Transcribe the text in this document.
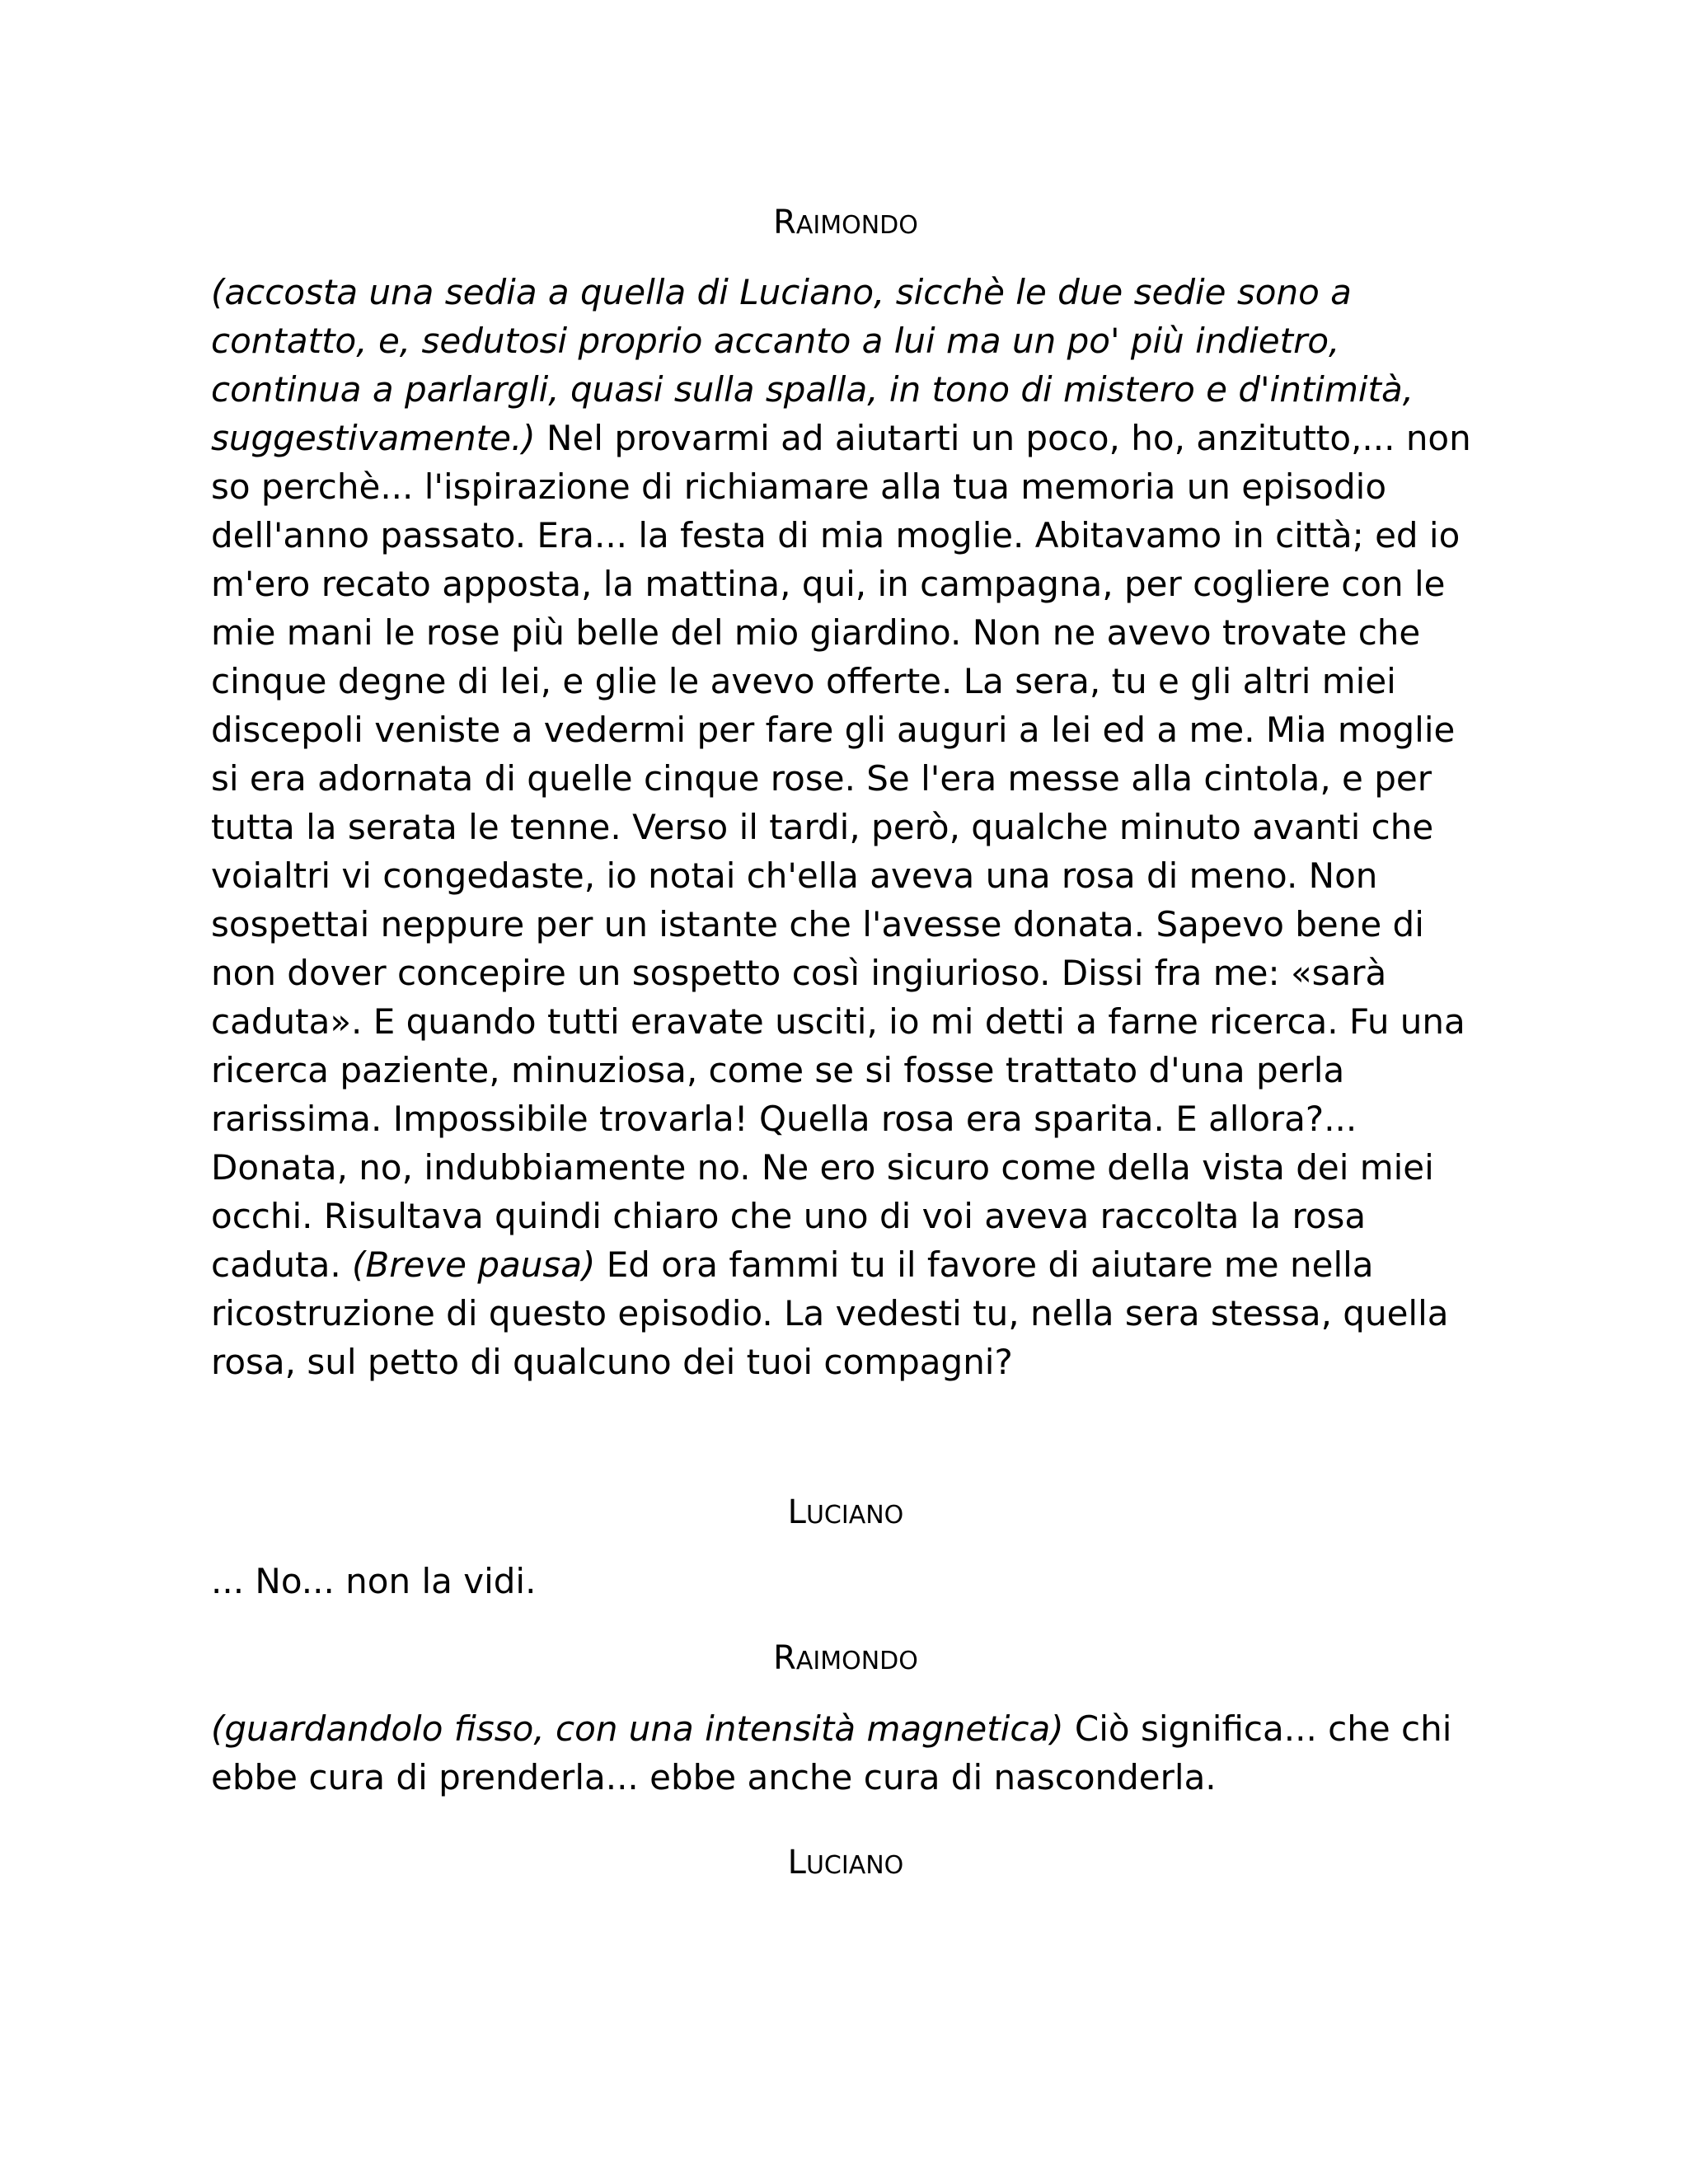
RAIMONDO

(accosta una sedia a quella di Luciano, sicchè le due sedie sono a contatto, e, sedutosi proprio accanto a lui ma un po' più indietro, continua a parlargli, quasi sulla spalla, in tono di mistero e d'intimità, suggestivamente.) Nel provarmi ad aiutarti un poco, ho, anzitutto,... non so perchè... l'ispirazione di richiamare alla tua memoria un episodio dell'anno passato. Era... la festa di mia moglie. Abitavamo in città; ed io m'ero recato apposta, la mattina, qui, in campagna, per cogliere con le mie mani le rose più belle del mio giardino. Non ne avevo trovate che cinque degne di lei, e glie le avevo offerte. La sera, tu e gli altri miei discepoli veniste a vedermi per fare gli auguri a lei ed a me. Mia moglie si era adornata di quelle cinque rose. Se l'era messe alla cintola, e per tutta la serata le tenne. Verso il tardi, però, qualche minuto avanti che voialtri vi congedaste, io notai ch'ella aveva una rosa di meno. Non sospettai neppure per un istante che l'avesse donata. Sapevo bene di non dover concepire un sospetto così ingiurioso. Dissi fra me: «sarà caduta». E quando tutti eravate usciti, io mi detti a farne ricerca. Fu una ricerca paziente, minuziosa, come se si fosse trattato d'una perla rarissima. Impossibile trovarla! Quella rosa era sparita. E allora?... Donata, no, indubbiamente no. Ne ero sicuro come della vista dei miei occhi. Risultava quindi chiaro che uno di voi aveva raccolta la rosa caduta. (Breve pausa) Ed ora fammi tu il favore di aiutare me nella ricostruzione di questo episodio. La vedesti tu, nella sera stessa, quella rosa, sul petto di qualcuno dei tuoi compagni?

LUCIANO

... No... non la vidi.

RAIMONDO

(guardandolo fisso, con una intensità magnetica) Ciò significa... che chi ebbe cura di prenderla... ebbe anche cura di nasconderla.

LUCIANO
